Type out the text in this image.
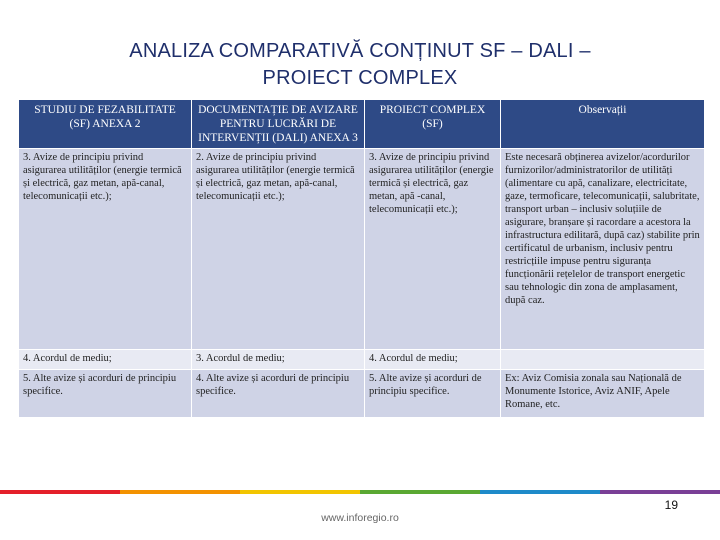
ANALIZA COMPARATIVĂ CONȚINUT SF – DALI –
PROIECT COMPLEX
STUDIU DE FEZABILITATE (SF) ANEXA 2	DOCUMENTAȚIE DE AVIZARE PENTRU LUCRĂRI DE INTERVENȚII (DALI) ANEXA 3	PROIECT COMPLEX (SF)	Observații
3. Avize de principiu privind asigurarea utilităților (energie termică și electrică, gaz metan, apă-canal, telecomunicații etc.);	2. Avize de principiu privind asigurarea utilităților (energie termică și electrică, gaz metan, apă-canal, telecomunicații etc.);	3. Avize de principiu privind asigurarea utilităților (energie termică și electrică, gaz metan, apă -canal, telecomunicații etc.);	Este necesară obținerea avizelor/acordurilor furnizorilor/administratorilor de utilități (alimentare cu apă, canalizare, electricitate, gaze, termoficare, telecomunicații, salubritate, transport urban – inclusiv soluțiile de asigurare, branșare și racordare a acestora la infrastructura edilitară, după caz) stabilite prin certificatul de urbanism, inclusiv pentru restricțiile impuse pentru siguranța funcționării rețelelor de transport energetic sau tehnologic din zona de amplasament, după caz.
4. Acordul de mediu;	3. Acordul de mediu;	4. Acordul de mediu;	
5. Alte avize și acorduri de principiu specifice.	4. Alte avize și acorduri de principiu specifice.	5. Alte avize și acorduri de principiu specifice.	Ex: Aviz Comisia zonala sau Națională de Monumente Istorice, Aviz ANIF, Apele Romane, etc.
19
www.inforegio.ro
